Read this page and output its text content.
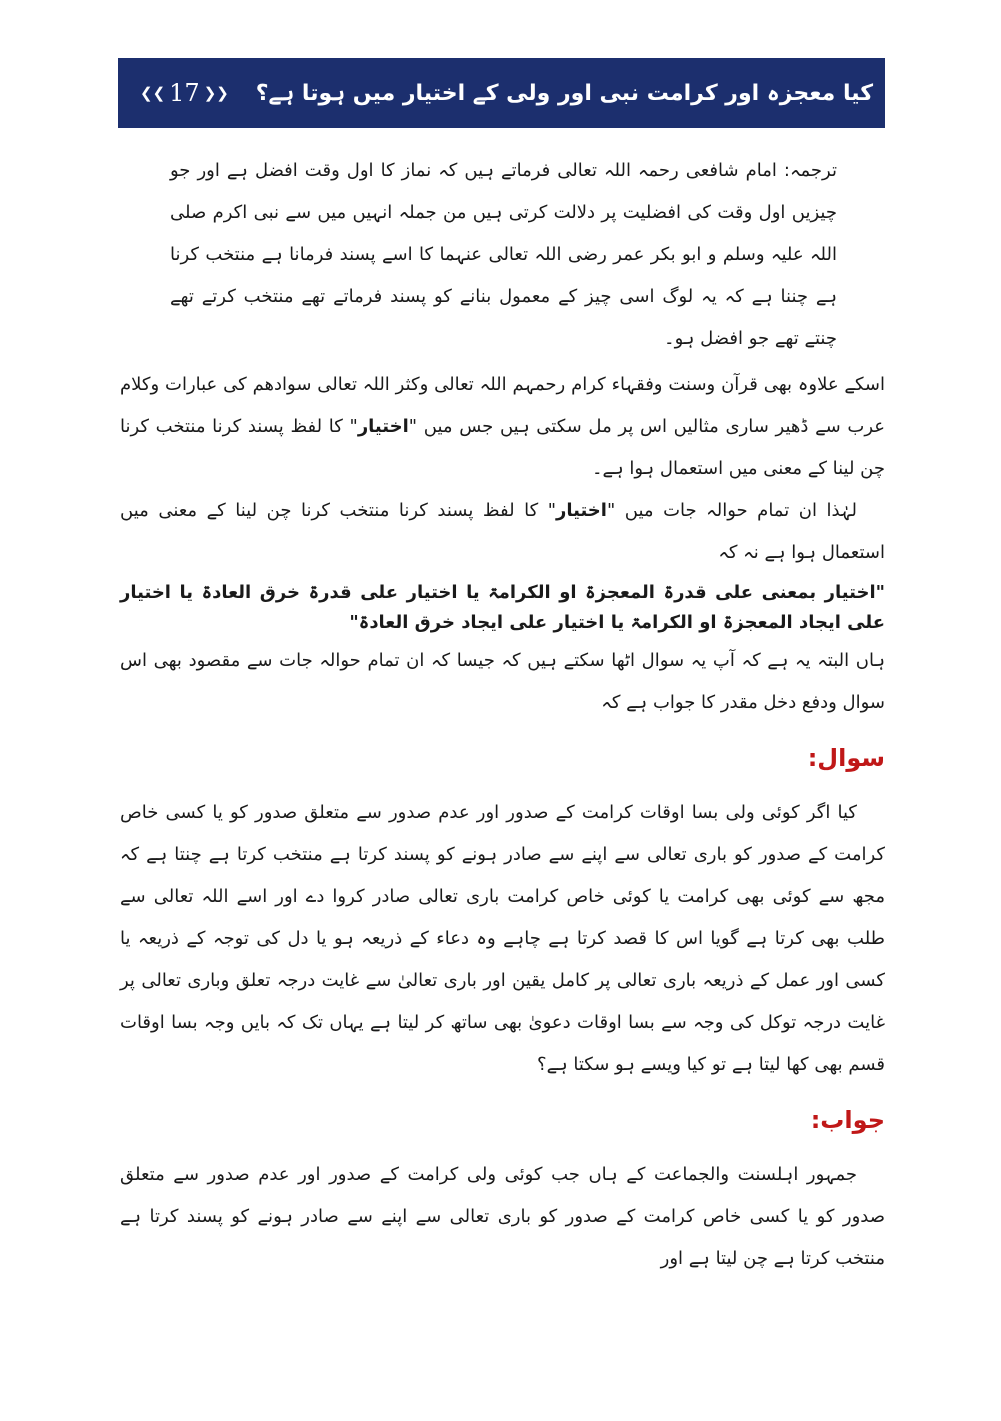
❮❮ 17 ❯❯ کیا معجزہ اور کرامت نبی اور ولی کے اختیار میں ہوتا ہے؟

ترجمہ: امام شافعی رحمہ اللہ تعالی فرماتے ہیں کہ نماز کا اول وقت افضل ہے اور جو چیزیں اول وقت کی افضلیت پر دلالت کرتی ہیں من جملہ انہیں میں سے نبی اکرم صلی اللہ علیہ وسلم و ابو بکر عمر رضی اللہ تعالی عنہما کا اسے پسند فرمانا ہے منتخب کرنا ہے چننا ہے کہ یہ لوگ اسی چیز کے معمول بنانے کو پسند فرماتے تھے منتخب کرتے تھے چنتے تھے جو افضل ہو۔

اسکے علاوہ بھی قرآن وسنت وفقہاء کرام رحمہم اللہ تعالی وکثر اللہ تعالی سوادھم کی عبارات وکلام عرب سے ڈھیر ساری مثالیں اس پر مل سکتی ہیں جس میں "اختیار" کا لفظ پسند کرنا منتخب کرنا چن لینا کے معنی میں استعمال ہوا ہے۔

لہٰذا ان تمام حوالہ جات میں "اختیار" کا لفظ پسند کرنا منتخب کرنا چن لینا کے معنی میں استعمال ہوا ہے نہ کہ

"اختیار بمعنی علی قدرۃ المعجزۃ او الکرامۃ یا اختیار علی قدرۃ خرق العادۃ یا اختیار علی ایجاد المعجزۃ او الکرامۃ یا اختیار علی ایجاد خرق العادۃ"

ہاں البتہ یہ ہے کہ آپ یہ سوال اٹھا سکتے ہیں کہ جیسا کہ ان تمام حوالہ جات سے مقصود بھی اس سوال ودفع دخل مقدر کا جواب ہے کہ

سوال:

کیا اگر کوئی ولی بسا اوقات کرامت کے صدور اور عدم صدور سے متعلق صدور کو یا کسی خاص کرامت کے صدور کو باری تعالی سے اپنے سے صادر ہونے کو پسند کرتا ہے منتخب کرتا ہے چنتا ہے کہ مجھ سے کوئی بھی کرامت یا کوئی خاص کرامت باری تعالی صادر کروا دے اور اسے اللہ تعالی سے طلب بھی کرتا ہے گویا اس کا قصد کرتا ہے چاہے وہ دعاء کے ذریعہ ہو یا دل کی توجہ کے ذریعہ یا کسی اور عمل کے ذریعہ باری تعالی پر کامل یقین اور باری تعالیٰ سے غایت درجہ تعلق وباری تعالی پر غایت درجہ توکل کی وجہ سے بسا اوقات دعویٰ بھی ساتھ کر لیتا ہے یہاں تک کہ بایں وجہ بسا اوقات قسم بھی کھا لیتا ہے تو کیا ویسے ہو سکتا ہے؟

جواب:

جمہور اہلسنت والجماعت کے ہاں جب کوئی ولی کرامت کے صدور اور عدم صدور سے متعلق صدور کو یا کسی خاص کرامت کے صدور کو باری تعالی سے اپنے سے صادر ہونے کو پسند کرتا ہے منتخب کرتا ہے چن لیتا ہے اور
